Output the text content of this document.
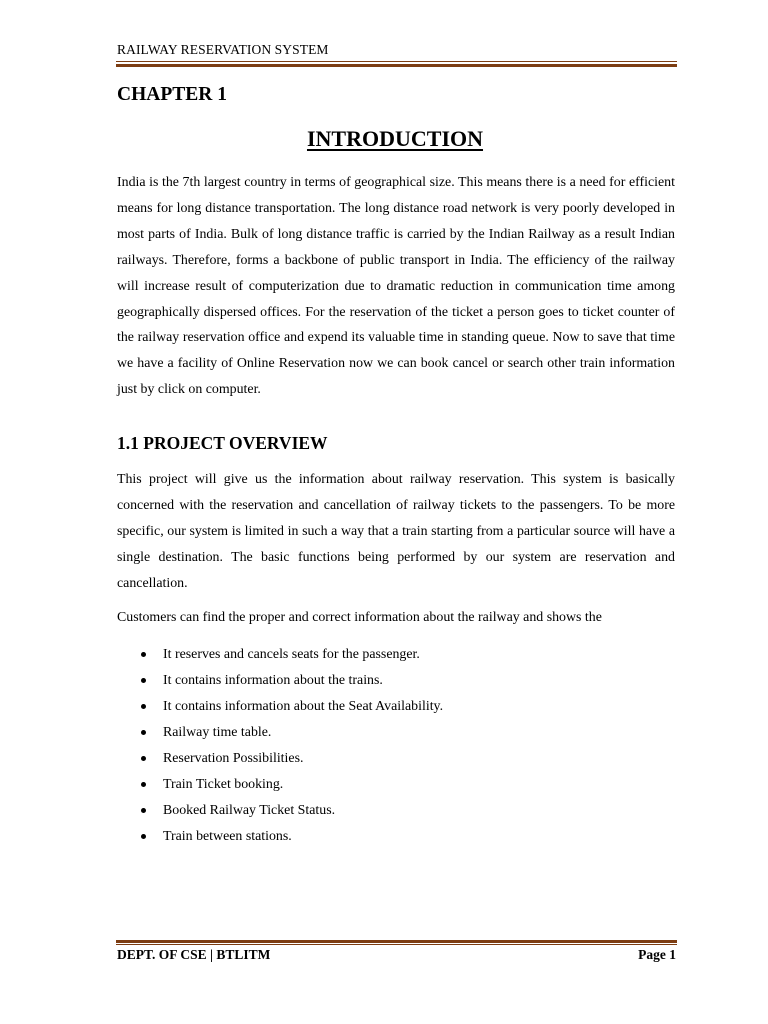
RAILWAY RESERVATION SYSTEM
CHAPTER 1
INTRODUCTION

India is the 7th largest country in terms of geographical size. This means there is a need for efficient means for long distance transportation. The long distance road network is very poorly developed in most parts of India. Bulk of long distance traffic is carried by the Indian Railway as a result Indian railways. Therefore, forms a backbone of public transport in India. The efficiency of the railway will increase result of computerization due to dramatic reduction in communication time among geographically dispersed offices. For the reservation of the ticket a person goes to ticket counter of the railway reservation office and expend its valuable time in standing queue. Now to save that time we have a facility of Online Reservation now we can book cancel or search other train information just by click on computer.

1.1 PROJECT OVERVIEW

This project will give us the information about railway reservation. This system is basically concerned with the reservation and cancellation of railway tickets to the passengers. To be more specific, our system is limited in such a way that a train starting from a particular source will have a single destination. The basic functions being performed by our system are reservation and cancellation.

Customers can find the proper and correct information about the railway and shows the

It reserves and cancels seats for the passenger.
It contains information about the trains.
It contains information about the Seat Availability.
Railway time table.
Reservation Possibilities.
Train Ticket booking.
Booked Railway Ticket Status.
Train between stations.
DEPT. OF CSE | BTLITM	Page 1
